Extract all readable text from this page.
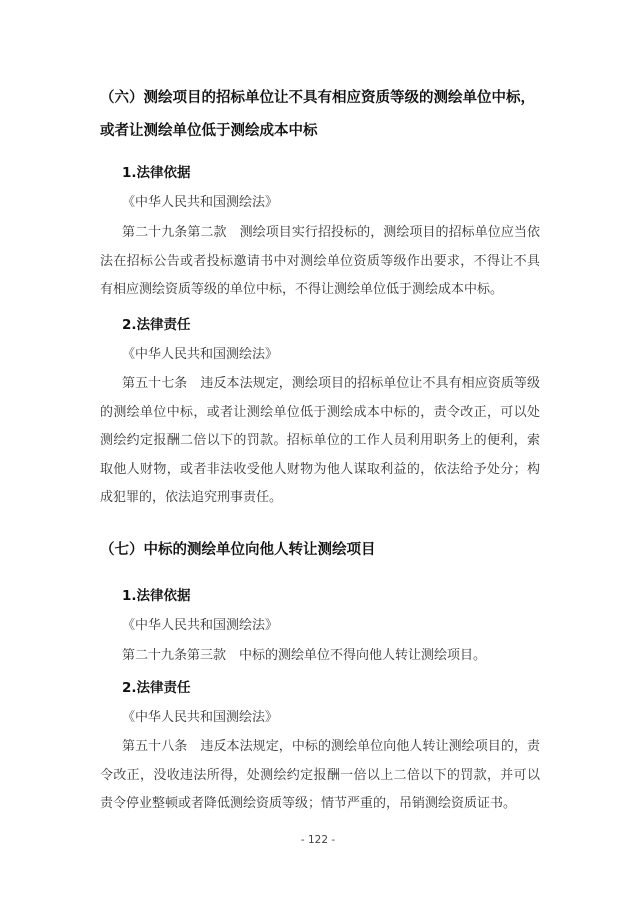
（六）测绘项目的招标单位让不具有相应资质等级的测绘单位中标，或者让测绘单位低于测绘成本中标

1.法律依据

《中华人民共和国测绘法》

第二十九条第二款　测绘项目实行招投标的，测绘项目的招标单位应当依法在招标公告或者投标邀请书中对测绘单位资质等级作出要求，不得让不具有相应测绘资质等级的单位中标，不得让测绘单位低于测绘成本中标。

2.法律责任

《中华人民共和国测绘法》

第五十七条　违反本法规定，测绘项目的招标单位让不具有相应资质等级的测绘单位中标，或者让测绘单位低于测绘成本中标的，责令改正，可以处测绘约定报酬二倍以下的罚款。招标单位的工作人员利用职务上的便利，索取他人财物，或者非法收受他人财物为他人谋取利益的，依法给予处分；构成犯罪的，依法追究刑事责任。

（七）中标的测绘单位向他人转让测绘项目

1.法律依据

《中华人民共和国测绘法》

第二十九条第三款　中标的测绘单位不得向他人转让测绘项目。

2.法律责任

《中华人民共和国测绘法》

第五十八条　违反本法规定，中标的测绘单位向他人转让测绘项目的，责令改正，没收违法所得，处测绘约定报酬一倍以上二倍以下的罚款，并可以责令停业整顿或者降低测绘资质等级；情节严重的，吊销测绘资质证书。

- 122 -
